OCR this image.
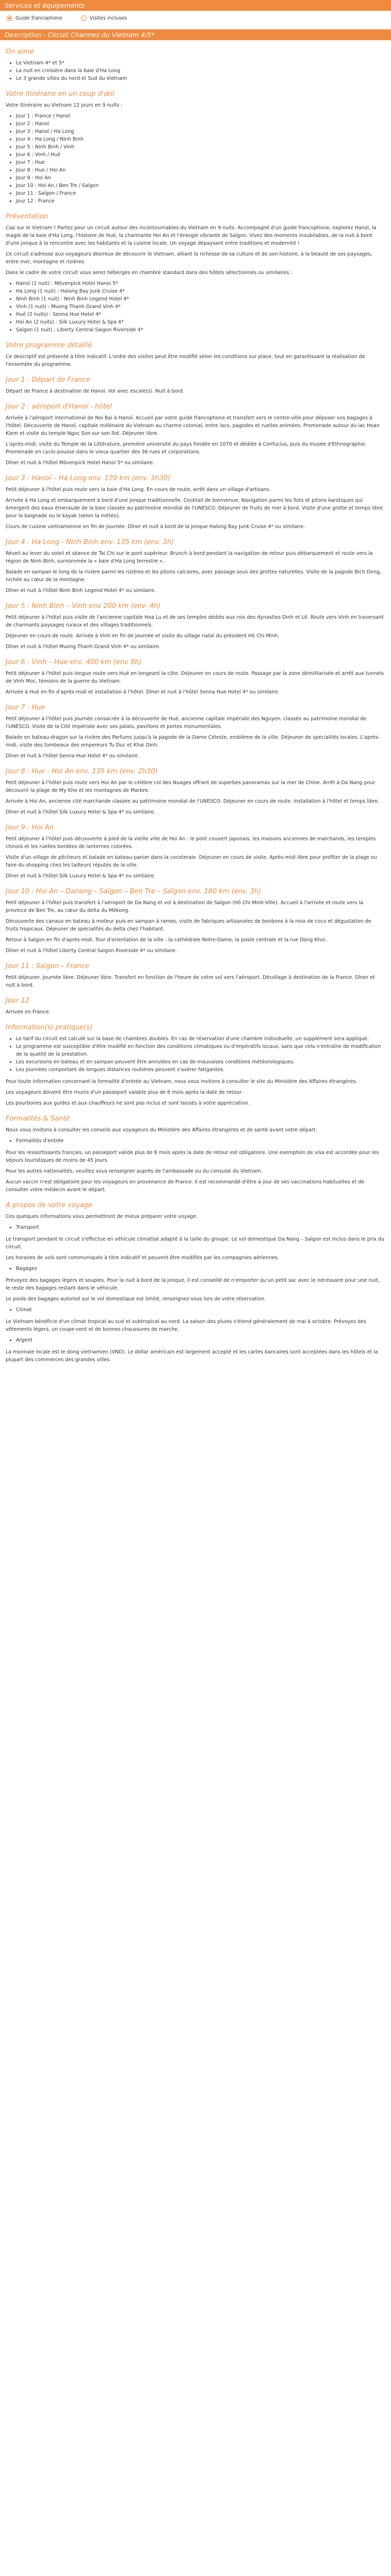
Services et équipements
● Guide francophone	✓ Visites incluses
Description - Circuit Charmes du Vietnam 4/5*
On aime
• Le Vietnam 4* et 5*
• La nuit en croisière dans la baie d'Ha Long
• Le 3 grande villes du nord et Sud du Vietnam
Votre itinéraire en un coup d'œil

Votre itinéraire au Vietnam 12 jours en 9 nuits :

• Jour 1 : France / Hanoï
• Jour 2 : Hanoï
• Jour 3 : Hanoï / Ha Long
• Jour 4 : Ha Long / Ninh Binh
• Jour 5 : Ninh Binh / Vinh
• Jour 6 : Vinh / Hué
• Jour 7 : Hue
• Jour 8 : Hue / Hoi An
• Jour 9 : Hoi An
• Jour 10 : Hoi An / Ben Tre / Saïgon
• Jour 11 : Saïgon / France
• Jour 12 : France
Présentation

Cap sur le Vietnam ! Partez pour un circuit autour des incontournables du Vietnam en 9 nuits. Accompagné d'un guide francophone, explorez Hanoï, la magie de la baie d'Ha Long, l'histoire de Hué, la charmante Hoi An et l'énergie vibrante de Saïgon. Vivez des moments inoubliables, de la nuit à bord d'une jonque à la rencontre avec les habitants et la cuisine locale. Un voyage dépaysant entre traditions et modernité !

Ce circuit s'adresse aux voyageurs désireux de découvrir le Vietnam, alliant la richesse de sa culture et de son histoire, à la beauté de ses paysages, entre mer, montagne et rizières.

Dans le cadre de votre circuit vous serez hébergés en chambre standard dans des hôtels sélectionnés ou similaires :

• Hanoï (1 nuit) : Mövenpick Hotel Hanoi 5*
• Ha Long (1 nuit) : Halong Bay Junk Cruise 4*
• Ninh Binh (1 nuit) : Ninh Binh Legend Hotel 4*
• Vinh (1 nuit) : Muong Thanh Grand Vinh 4*
• Hué (2 nuits) : Senna Hue Hotel 4*
• Hoi An (2 nuits) : Silk Luxury Hotel & Spa 4*
• Saïgon (1 nuit) : Liberty Central Saigon Riverside 4*
Votre programme détaillé

Ce descriptif est présenté à titre indicatif. L'ordre des visites peut être modifié selon les conditions sur place, tout en garantissant la réalisation de l'ensemble du programme.

Jour 1 : Départ de France

Départ de France à destination de Hanoï. Vol avec escale(s). Nuit à bord.

Jour 2 : aéroport d'Hanoï - hôtel

Arrivée à l'aéroport international de Noi Bai à Hanoï. Accueil par votre guide francophone et transfert vers le centre-ville pour déposer vos bagages à l'hôtel. Découverte de Hanoï, capitale millénaire du Vietnam au charme colonial, entre lacs, pagodes et ruelles animées. Promenade autour du lac Hoan Kiem et visite du temple Ngoc Son sur son îlot. Déjeuner libre.

L'après-midi, visite du Temple de la Littérature, première université du pays fondée en 1070 et dédiée à Confucius, puis du musée d'Ethnographie. Promenade en cyclo-pousse dans le vieux quartier des 36 rues et corporations.

Dîner et nuit à l'hôtel Mövenpick Hotel Hanoi 5* ou similaire.

Jour 3 : Hanoï – Ha Long env. 170 km (env. 3h30)

Petit déjeuner à l'hôtel puis route vers la baie d'Ha Long. En cours de route, arrêt dans un village d'artisans.

Arrivée à Ha Long et embarquement à bord d'une jonque traditionnelle. Cocktail de bienvenue. Navigation parmi les îlots et pitons karstiques qui émergent des eaux émeraude de la baie classée au patrimoine mondial de l'UNESCO. Déjeuner de fruits de mer à bord. Visite d'une grotte et temps libre pour la baignade ou le kayak (selon la météo).

Cours de cuisine vietnamienne en fin de journée. Dîner et nuit à bord de la jonque Halong Bay Junk Cruise 4* ou similaire.

Jour 4 : Ha Long - Ninh Binh env. 135 km (env. 3h)

Réveil au lever du soleil et séance de Tai Chi sur le pont supérieur. Brunch à bord pendant la navigation de retour puis débarquement et route vers la région de Ninh Binh, surnommée la « baie d'Ha Long terrestre ».

Balade en sampan le long de la rivière parmi les rizières et les pitons calcaires, avec passage sous des grottes naturelles. Visite de la pagode Bich Dong, nichée au cœur de la montagne.

Dîner et nuit à l'hôtel Ninh Binh Legend Hotel 4* ou similaire.

Jour 5 : Ninh Binh – Vinh env 200 km (env. 4h)

Petit déjeuner à l'hôtel puis visite de l'ancienne capitale Hoa Lu et de ses temples dédiés aux rois des dynasties Dinh et Lê. Route vers Vinh en traversant de charmants paysages ruraux et des villages traditionnels.

Déjeuner en cours de route. Arrivée à Vinh en fin de journée et visite du village natal du président Hô Chi Minh.

Dîner et nuit à l'hôtel Muong Thanh Grand Vinh 4* ou similaire.

Jour 6 : Vinh – Hue env. 400 km (env 8h)

Petit déjeuner à l'hôtel puis longue route vers Hué en longeant la côte. Déjeuner en cours de route. Passage par la zone démilitarisée et arrêt aux tunnels de Vinh Moc, témoins de la guerre du Vietnam.

Arrivée à Hué en fin d'après-midi et installation à l'hôtel. Dîner et nuit à l'hôtel Senna Hue Hotel 4* ou similaire.

Jour 7 : Hue

Petit déjeuner à l'hôtel puis journée consacrée à la découverte de Hué, ancienne capitale impériale des Nguyen, classée au patrimoine mondial de l'UNESCO. Visite de la Cité impériale avec ses palais, pavillons et portes monumentales.

Balade en bateau-dragon sur la rivière des Parfums jusqu'à la pagode de la Dame Céleste, emblème de la ville. Déjeuner de spécialités locales. L'après-midi, visite des tombeaux des empereurs Tu Duc et Khai Dinh.

Dîner et nuit à l'hôtel Senna Hue Hotel 4* ou similaire.

Jour 8 : Hue - Hoi An env. 135 km (env. 2h30)

Petit déjeuner à l'hôtel puis route vers Hoi An par le célèbre col des Nuages offrant de superbes panoramas sur la mer de Chine. Arrêt à Da Nang pour découvrir la plage de My Khe et les montagnes de Marbre.

Arrivée à Hoi An, ancienne cité marchande classée au patrimoine mondial de l'UNESCO. Déjeuner en cours de route. Installation à l'hôtel et temps libre.

Dîner et nuit à l'hôtel Silk Luxury Hotel & Spa 4* ou similaire.

Jour 9 : Hoi An

Petit déjeuner à l'hôtel puis découverte à pied de la vieille ville de Hoi An : le pont couvert japonais, les maisons anciennes de marchands, les temples chinois et les ruelles bordées de lanternes colorées.

Visite d'un village de pêcheurs et balade en bateau-panier dans la cocoteraie. Déjeuner en cours de visite. Après-midi libre pour profiter de la plage ou faire du shopping chez les tailleurs réputés de la ville.

Dîner et nuit à l'hôtel Silk Luxury Hotel & Spa 4* ou similaire.

Jour 10 : Hoi An – Danang – Saïgon – Ben Tre – Saïgon env. 180 km (env. 3h)

Petit déjeuner à l'hôtel puis transfert à l'aéroport de Da Nang et vol à destination de Saïgon (Hô Chi Minh-Ville). Accueil à l'arrivée et route vers la province de Ben Tre, au cœur du delta du Mékong.

Découverte des canaux en bateau à moteur puis en sampan à rames, visite de fabriques artisanales de bonbons à la noix de coco et dégustation de fruits tropicaux. Déjeuner de spécialités du delta chez l'habitant.

Retour à Saïgon en fin d'après-midi. Tour d'orientation de la ville : la cathédrale Notre-Dame, la poste centrale et la rue Dong Khoi.

Dîner et nuit à l'hôtel Liberty Central Saigon Riverside 4* ou similaire.

Jour 11 : Saïgon – France

Petit déjeuner. Journée libre. Déjeuner libre. Transfert en fonction de l'heure de votre vol vers l'aéroport. Décollage à destination de la France. Dîner et nuit à bord.

Jour 12

Arrivée en France.

Information(s) pratique(s)
• Le tarif du circuit est calculé sur la base de chambres doubles. En cas de réservation d'une chambre individuelle, un supplément sera appliqué.
• Le programme est susceptible d'être modifié en fonction des conditions climatiques ou d'impératifs locaux, sans que cela n'entraîne de modification de la qualité de la prestation.
• Les excursions en bateau et en sampan peuvent être annulées en cas de mauvaises conditions météorologiques.
• Les journées comportant de longues distances routières peuvent s'avérer fatigantes.

Pour toute information concernant la formalité d'entrée au Vietnam, nous vous invitons à consulter le site du Ministère des Affaires étrangères.

Les voyageurs doivent être munis d'un passeport valable plus de 6 mois après la date de retour.

Les pourboires aux guides et aux chauffeurs ne sont pas inclus et sont laissés à votre appréciation.

Formalités & Santé

Nous vous invitons à consulter les conseils aux voyageurs du Ministère des Affaires étrangères et de santé avant votre départ.

• Formalités d'entrée

Pour les ressortissants français, un passeport valide plus de 6 mois après la date de retour est obligatoire. Une exemption de visa est accordée pour les séjours touristiques de moins de 45 jours.

Pour les autres nationalités, veuillez vous renseigner auprès de l'ambassade ou du consulat du Vietnam.

Aucun vaccin n'est obligatoire pour les voyageurs en provenance de France. Il est recommandé d'être à jour de ses vaccinations habituelles et de consulter votre médecin avant le départ.

A propos de votre voyage

Ces quelques informations vous permettront de mieux préparer votre voyage.

• Transport

Le transport pendant le circuit s'effectue en véhicule climatisé adapté à la taille du groupe. Le vol domestique Da Nang – Saïgon est inclus dans le prix du circuit.

Les horaires de vols sont communiqués à titre indicatif et peuvent être modifiés par les compagnies aériennes.

• Bagages

Prévoyez des bagages légers et souples. Pour la nuit à bord de la jonque, il est conseillé de n'emporter qu'un petit sac avec le nécessaire pour une nuit, le reste des bagages restant dans le véhicule.

Le poids des bagages autorisé sur le vol domestique est limité, renseignez-vous lors de votre réservation.

• Climat

Le Vietnam bénéficie d'un climat tropical au sud et subtropical au nord. La saison des pluies s'étend généralement de mai à octobre. Prévoyez des vêtements légers, un coupe-vent et de bonnes chaussures de marche.

• Argent

La monnaie locale est le dong vietnamien (VND). Le dollar américain est largement accepté et les cartes bancaires sont acceptées dans les hôtels et la plupart des commerces des grandes villes.
